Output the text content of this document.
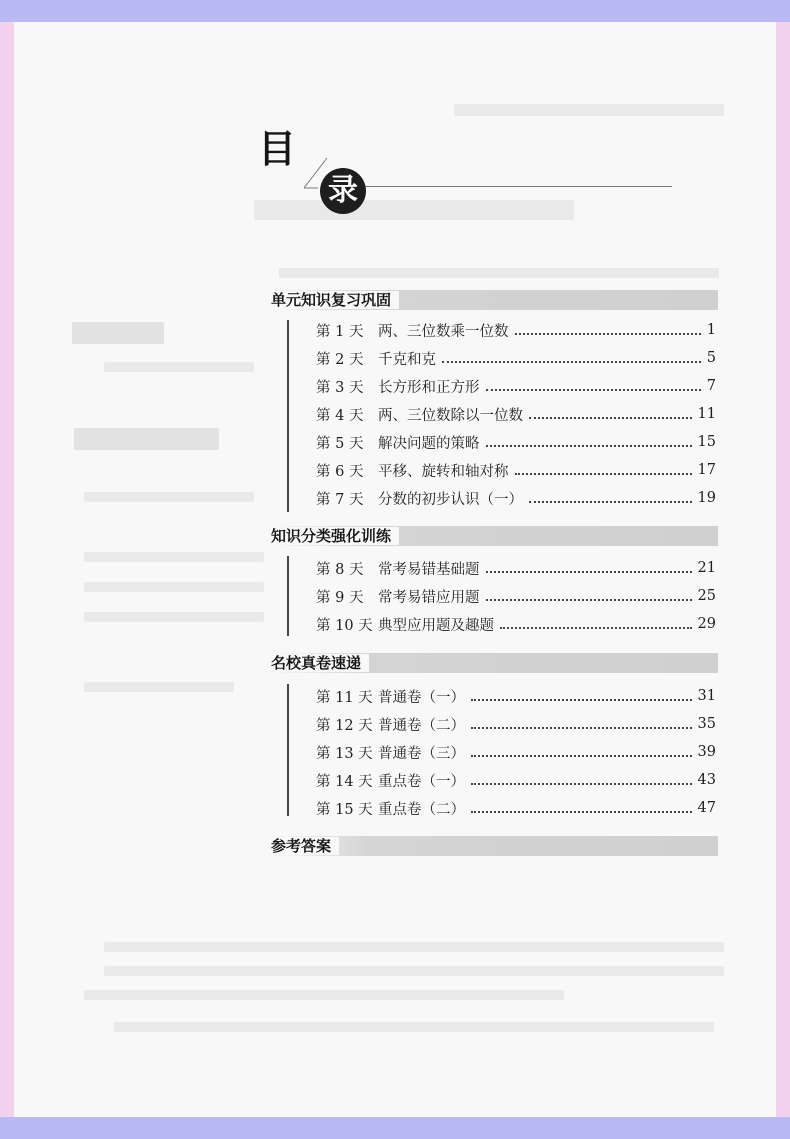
目
录
单元知识复习巩固
第 1 天	两、三位数乘一位数	1
第 2 天	千克和克	5
第 3 天	长方形和正方形	7
第 4 天	两、三位数除以一位数	11
第 5 天	解决问题的策略	15
第 6 天	平移、旋转和轴对称	17
第 7 天	分数的初步认识（一）	19
知识分类强化训练
第 8 天	常考易错基础题	21
第 9 天	常考易错应用题	25
第 10 天 典型应用题及趣题	29
名校真卷速递
第 11 天 普通卷（一）	31
第 12 天 普通卷（二）	35
第 13 天 普通卷（三）	39
第 14 天 重点卷（一）	43
第 15 天 重点卷（二）	47
参考答案
